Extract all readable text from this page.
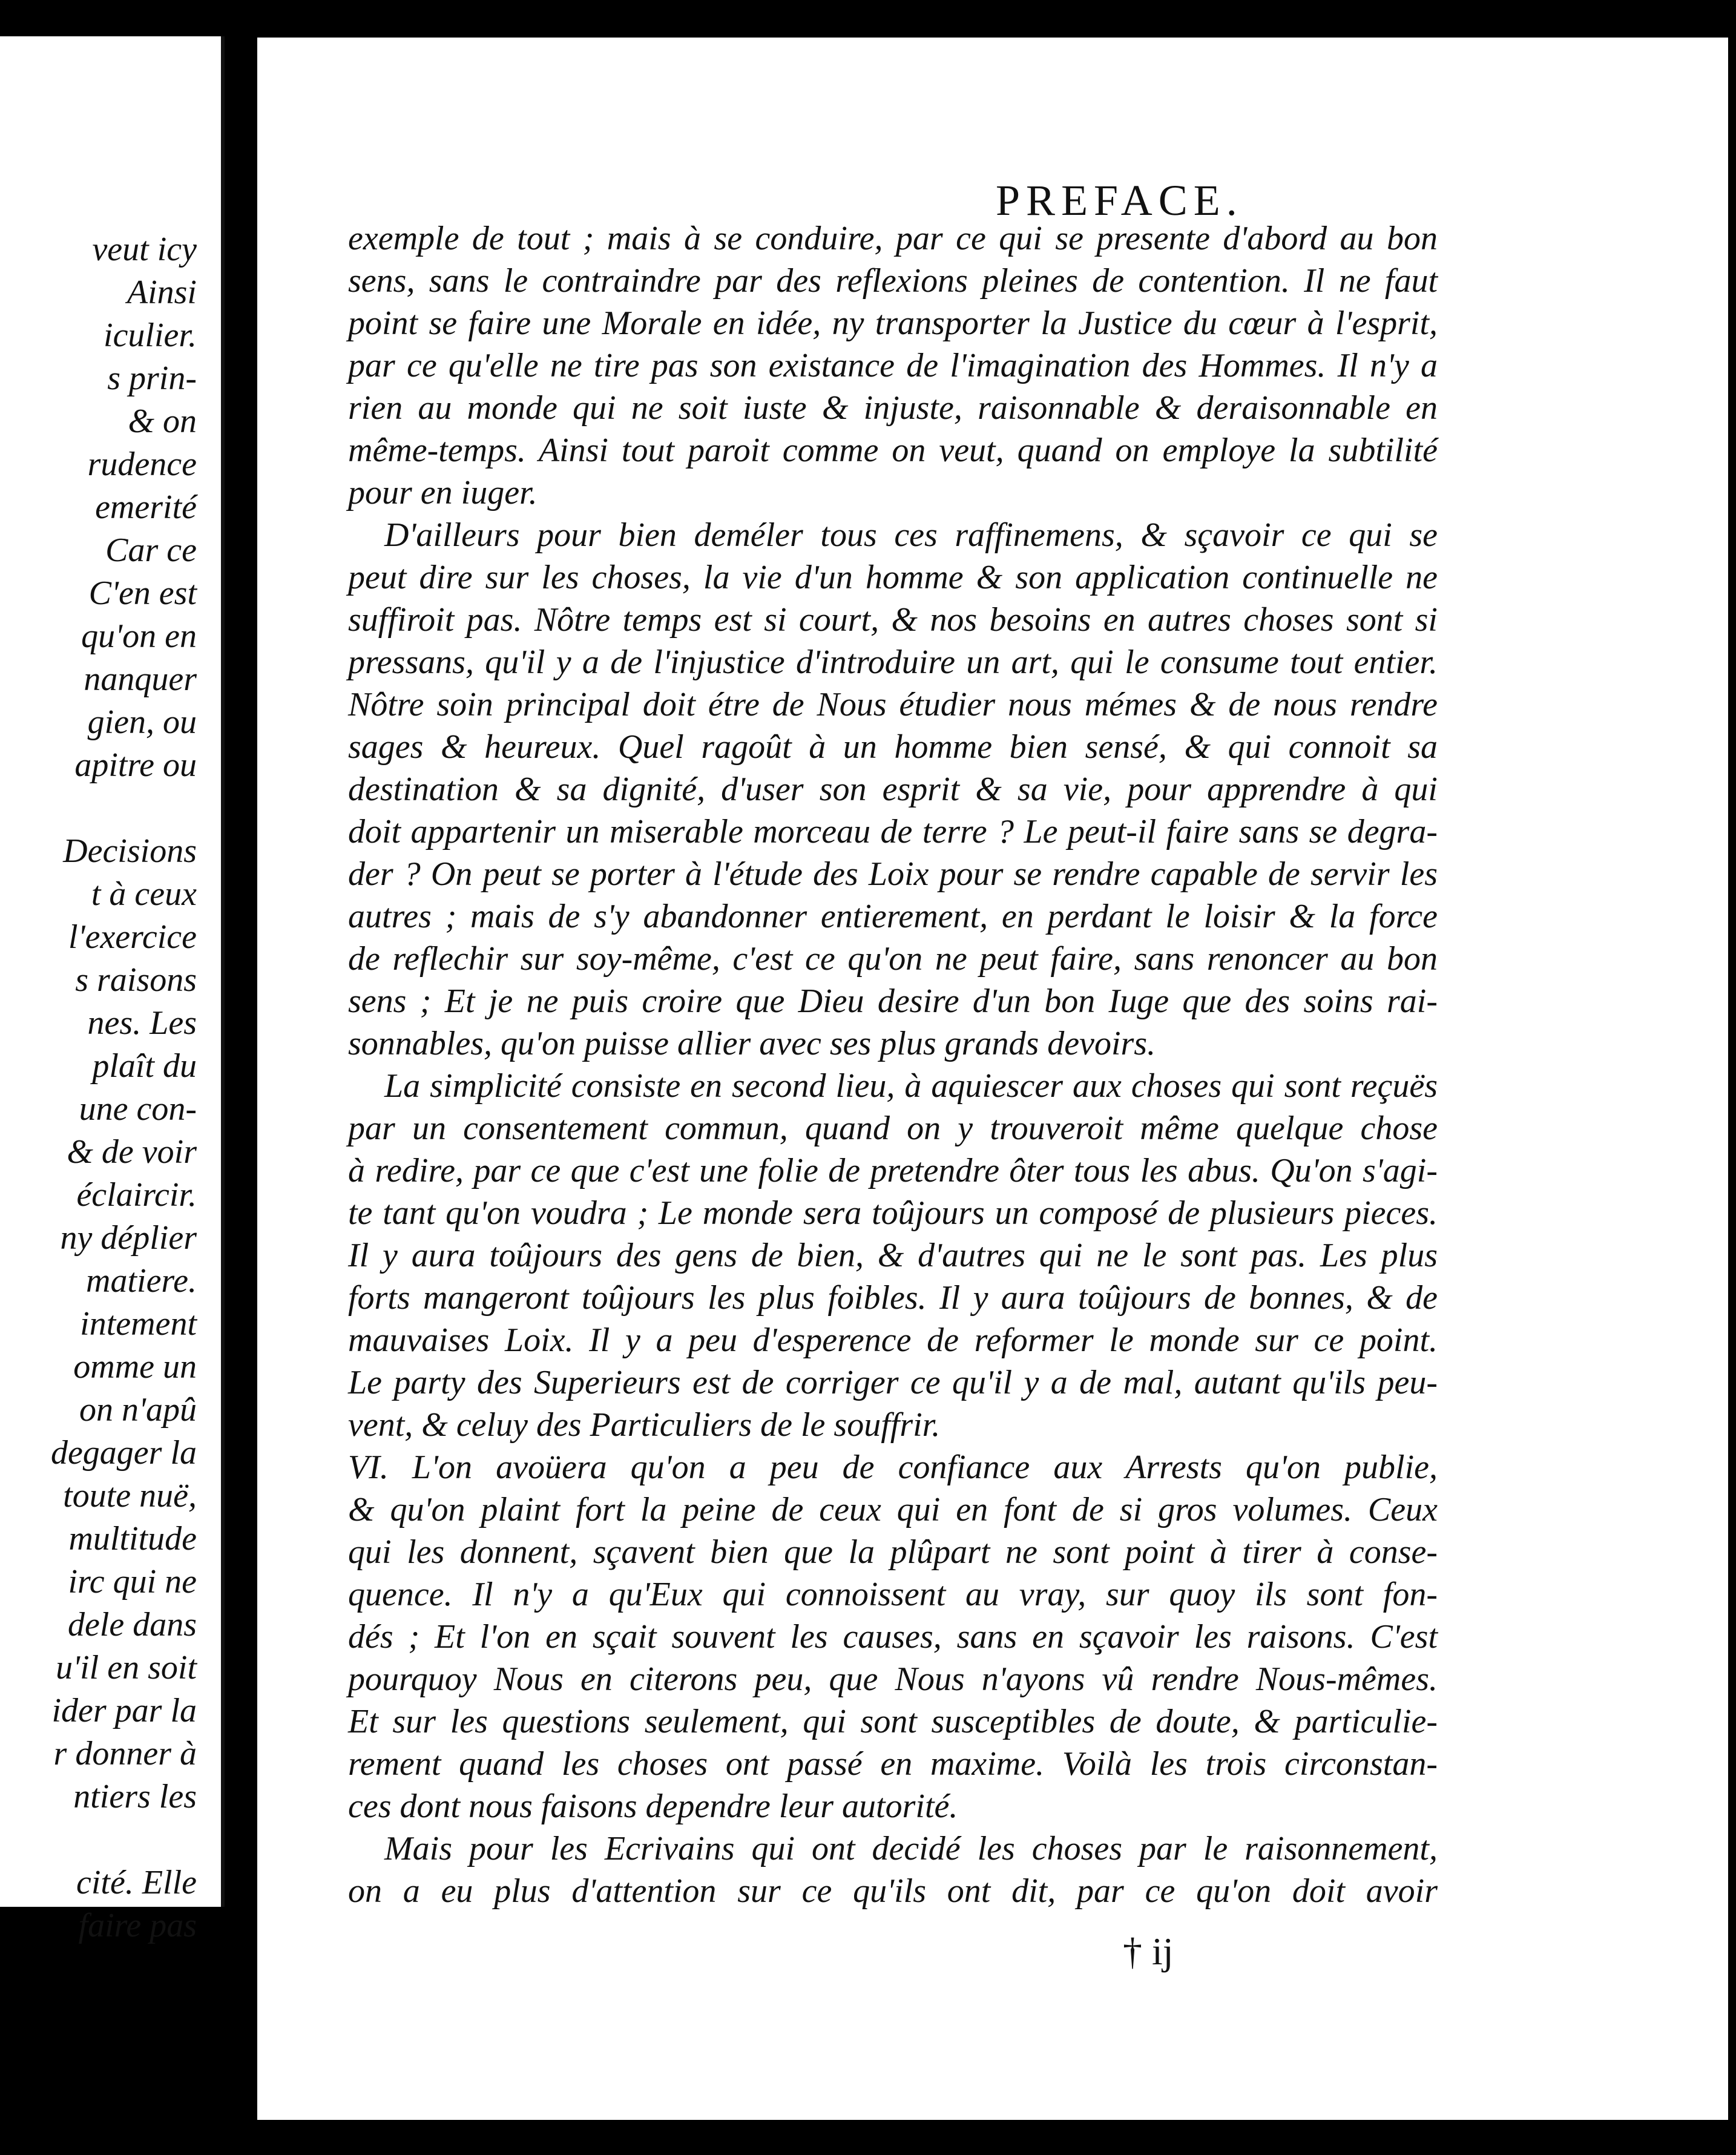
veut icy
Ainsi
iculier.
s prin-
& on
rudence
emerité
Car ce
C'en est
qu'on en
nanquer
gien, ou
apitre ou
Decisions
t à ceux
l'exercice
s raisons
nes. Les
plaît du
une con-
& de voir
éclaircir.
ny déplier
matiere.
intement
omme un
on n'apû
degager la
toute nuë,
multitude
irc qui ne
dele dans
u'il en soit
ider par la
r donner à
ntiers les
cité. Elle
faire pas
PREFACE.
exemple de tout ; mais à se conduire, par ce qui se presente d'abord au bon
sens, sans le contraindre par des reflexions pleines de contention. Il ne faut
point se faire une Morale en idée, ny transporter la Justice du cœur à l'esprit,
par ce qu'elle ne tire pas son existance de l'imagination des Hommes. Il n'y a
rien au monde qui ne soit iuste & injuste, raisonnable & deraisonnable en
même-temps. Ainsi tout paroit comme on veut, quand on employe la subtilité
pour en iuger.
D'ailleurs pour bien deméler tous ces raffinemens, & sçavoir ce qui se
peut dire sur les choses, la vie d'un homme & son application continuelle ne
suffiroit pas. Nôtre temps est si court, & nos besoins en autres choses sont si
pressans, qu'il y a de l'injustice d'introduire un art, qui le consume tout entier.
Nôtre soin principal doit étre de Nous étudier nous mémes & de nous rendre
sages & heureux. Quel ragoût à un homme bien sensé, & qui connoit sa
destination & sa dignité, d'user son esprit & sa vie, pour apprendre à qui
doit appartenir un miserable morceau de terre ? Le peut-il faire sans se degra-
der ? On peut se porter à l'étude des Loix pour se rendre capable de servir les
autres ; mais de s'y abandonner entierement, en perdant le loisir & la force
de reflechir sur soy-même, c'est ce qu'on ne peut faire, sans renoncer au bon
sens ; Et je ne puis croire que Dieu desire d'un bon Iuge que des soins rai-
sonnables, qu'on puisse allier avec ses plus grands devoirs.
La simplicité consiste en second lieu, à aquiescer aux choses qui sont reçuës
par un consentement commun, quand on y trouveroit même quelque chose
à redire, par ce que c'est une folie de pretendre ôter tous les abus. Qu'on s'agi-
te tant qu'on voudra ; Le monde sera toûjours un composé de plusieurs pieces.
Il y aura toûjours des gens de bien, & d'autres qui ne le sont pas. Les plus
forts mangeront toûjours les plus foibles. Il y aura toûjours de bonnes, & de
mauvaises Loix. Il y a peu d'esperence de reformer le monde sur ce point.
Le party des Superieurs est de corriger ce qu'il y a de mal, autant qu'ils peu-
vent, & celuy des Particuliers de le souffrir.
VI. L'on avoüera qu'on a peu de confiance aux Arrests qu'on publie,
& qu'on plaint fort la peine de ceux qui en font de si gros volumes. Ceux
qui les donnent, sçavent bien que la plûpart ne sont point à tirer à conse-
quence. Il n'y a qu'Eux qui connoissent au vray, sur quoy ils sont fon-
dés ; Et l'on en sçait souvent les causes, sans en sçavoir les raisons. C'est
pourquoy Nous en citerons peu, que Nous n'ayons vû rendre Nous-mêmes.
Et sur les questions seulement, qui sont susceptibles de doute, & particulie-
rement quand les choses ont passé en maxime. Voilà les trois circonstan-
ces dont nous faisons dependre leur autorité.
Mais pour les Ecrivains qui ont decidé les choses par le raisonnement,
on a eu plus d'attention sur ce qu'ils ont dit, par ce qu'on doit avoir
† ij
